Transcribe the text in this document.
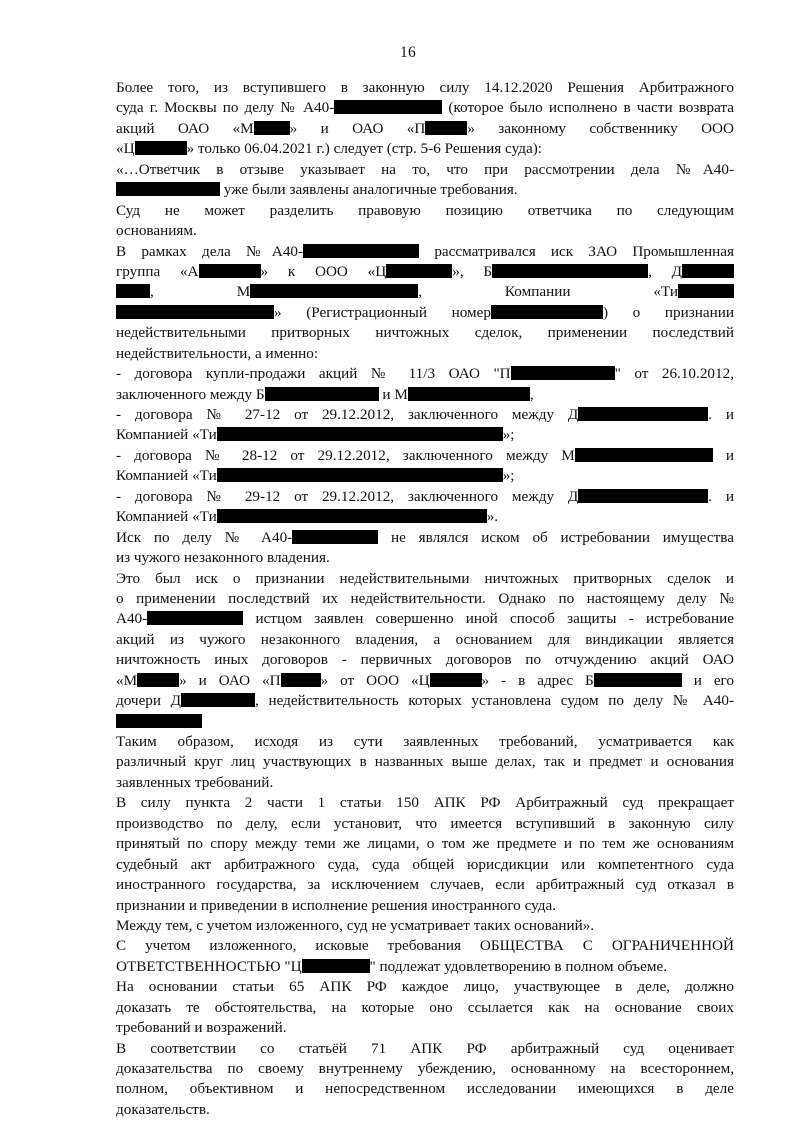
16

Более того, из вступившего в законную силу 14.12.2020 Решения Арбитражного
суда г. Москвы по делу № А40-	(которое было исполнено в части возврата
акций ОАО «М » и ОАО «П	» законному собственнику ООО
«Ц	» только 06.04.2021 г.) следует (стр. 5-6 Решения суда):

«…Ответчик в отзыве указывает на то, что при рассмотрении дела №А40-
уже были заявлены аналогичные требования.

Суд не может разделить правовую позицию ответчика по следующим
основаниям.

В рамках дела №А40-	рассматривался иск ЗАО Промышленная
группа «А	» к ООО «Ц	», Б	, Д
, М	, Компании «Ти
» (Регистрационный номер	) о признании
недействительными притворных ничтожных сделок, применении последствий
недействительности, а именно:

- договора купли-продажи акций № 11/3 ОАО "П	" от 26.10.2012,
заключенного между Б	и М	,

- договора № 27-12 от 29.12.2012, заключенного между Д	. и
Компанией «Ти	»;

- договора № 28-12 от 29.12.2012, заключенного между М	и
Компанией «Ти	»;

- договора № 29-12 от 29.12.2012, заключенного между Д	. и
Компанией «Ти	».

Иск по делу № А40-	не являлся иском об истребовании имущества
из чужого незаконного владения.

Это был иск о признании недействительными ничтожных притворных сделок и
о применении последствий их недействительности. Однако по настоящему делу №
А40-	истцом заявлен совершенно иной способ защиты - истребование
акций из чужого незаконного владения, а основанием для виндикации является
ничтожность иных договоров - первичных договоров по отчуждению акций ОАО
«М	» и ОАО «П	» от ООО «Ц	» - в адрес Б	и его
дочери Д	, недействительность которых установлена судом по делу № А40-

Таким образом, исходя из сути заявленных требований, усматривается как
различный круг лиц участвующих в названных выше делах, так и предмет и основания
заявленных требований.

В силу пункта 2 части 1 статьи 150 АПК РФ Арбитражный суд прекращает
производство по делу, если установит, что имеется вступивший в законную силу
принятый по спору между теми же лицами, о том же предмете и по тем же основаниям
судебный акт арбитражного суда, суда общей юрисдикции или компетентного суда
иностранного государства, за исключением случаев, если арбитражный суд отказал в
признании и приведении в исполнение решения иностранного суда.

Между тем, с учетом изложенного, суд не усматривает таких оснований».

С учетом изложенного, исковые требования ОБЩЕСТВА С ОГРАНИЧЕННОЙ
ОТВЕТСТВЕННОСТЬЮ "Ц	" подлежат удовлетворению в полном объеме.

На основании статьи 65 АПК РФ каждое лицо, участвующее в деле, должно
доказать те обстоятельства, на которые оно ссылается как на основание своих
требований и возражений.

В соответствии со статьёй 71 АПК РФ арбитражный суд оценивает
доказательства по своему внутреннему убеждению, основанному на всестороннем,
полном, объективном и непосредственном исследовании имеющихся в деле
доказательств.
